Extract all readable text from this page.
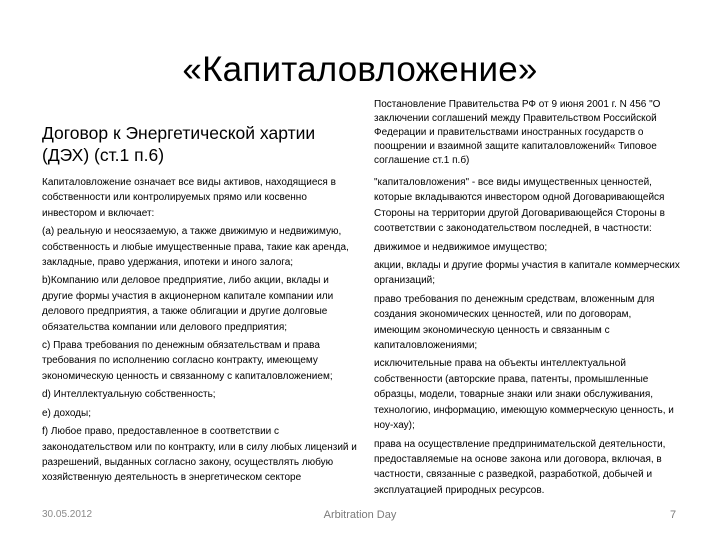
«Капиталовложение»
Договор к Энергетической хартии (ДЭХ) (ст.1 п.6)
Постановление Правительства РФ от 9 июня 2001 г. N 456 "О заключении соглашений между Правительством Российской Федерации и правительствами иностранных государств о поощрении и взаимной защите капиталовложений« Типовое соглашение ст.1 п.б)

Капиталовложение означает все виды активов, находящиеся в собственности или контролируемых прямо или косвенно инвестором и включает:

(а) реальную и неосязаемую, а также движимую и недвижимую, собственность и любые имущественные права, такие как аренда, закладные, право удержания, ипотеки и иного залога;

b)Компанию или деловое предприятие, либо акции, вклады и другие формы участия в акционерном капитале компании или делового предприятия, а также облигации и другие долговые обязательства компании или делового предприятия;

с) Права требования по денежным обязательствам и права требования по исполнению согласно контракту, имеющему экономическую ценность и связанному с капиталовложением;

d) Интеллектуальную собственность;

е) доходы;

f) Любое право, предоставленное в соответствии с законодательством или по контракту, или в силу любых лицензий и разрешений, выданных согласно закону, осуществлять любую хозяйственную деятельность в энергетическом секторе

"капиталовложения" - все виды имущественных ценностей, которые вкладываются инвестором одной Договаривающейся Стороны на территории другой Договаривающейся Стороны в соответствии с законодательством последней, в частности:

движимое и недвижимое имущество;

акции, вклады и другие формы участия в капитале коммерческих организаций;

право требования по денежным средствам, вложенным для создания экономических ценностей, или по договорам, имеющим экономическую ценность и связанным с капиталовложениями;

исключительные права на объекты интеллектуальной собственности (авторские права, патенты, промышленные образцы, модели, товарные знаки или знаки обслуживания, технологию, информацию, имеющую коммерческую ценность, и ноу-хау);

права на осуществление предпринимательской деятельности, предоставляемые на основе закона или договора, включая, в частности, связанные с разведкой, разработкой, добычей и эксплуатацией природных ресурсов.

30.05.2012	Arbitration Day	7
